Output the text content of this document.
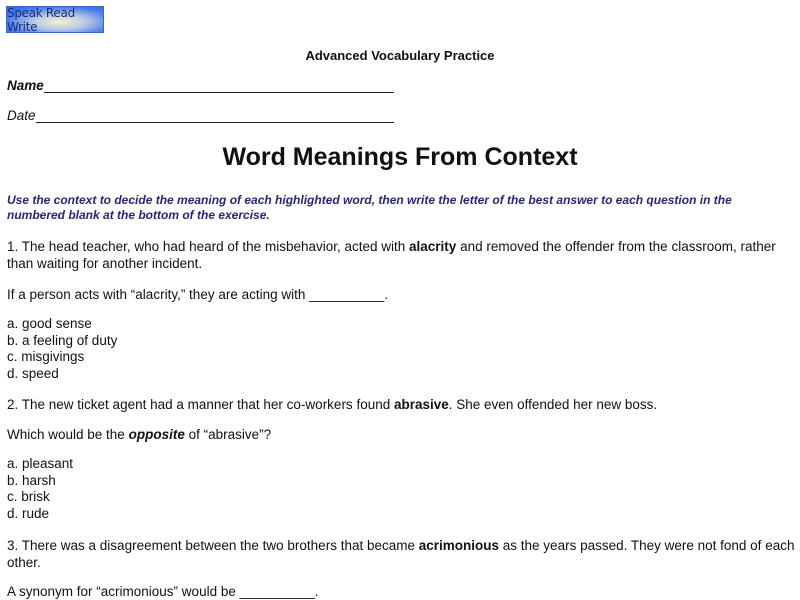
Speak Read Write
Advanced Vocabulary Practice
Name
Date
Word Meanings From Context
Use the context to decide the meaning of each highlighted word, then write the letter of the best answer to each question in the numbered blank at the bottom of the exercise.
1. The head teacher, who had heard of the misbehavior, acted with alacrity and removed the offender from the classroom, rather than waiting for another incident.
If a person acts with “alacrity,” they are acting with __________.
a. good sense
b. a feeling of duty
c. misgivings
d. speed
2. The new ticket agent had a manner that her co-workers found abrasive. She even offended her new boss.
Which would be the opposite of “abrasive”?
a. pleasant
b. harsh
c. brisk
d. rude
3. There was a disagreement between the two brothers that became acrimonious as the years passed. They were not fond of each other.
A synonym for “acrimonious” would be __________.
